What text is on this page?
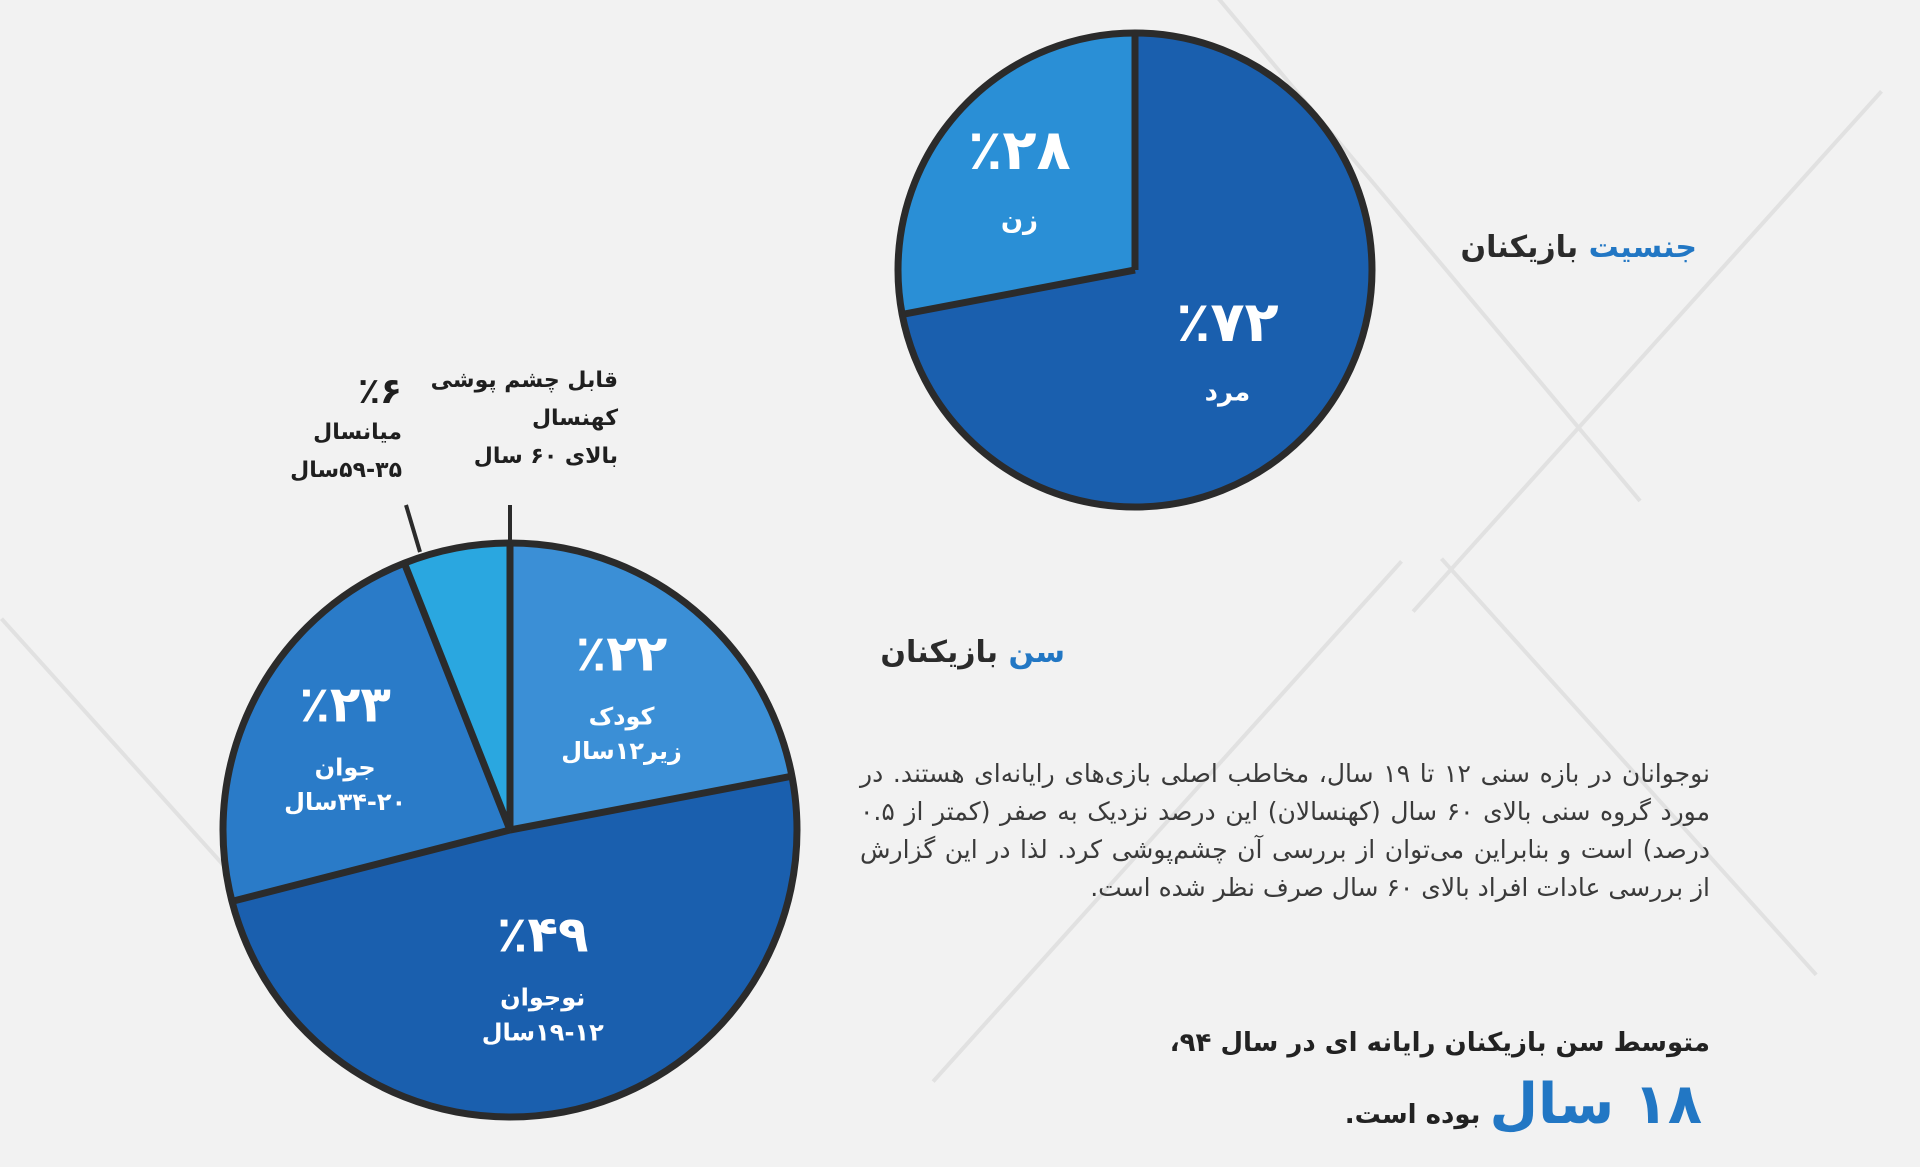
٪۷۲
مرد
٪۲۸
زن
جنسیت بازیکنان
٪۲۲
کودک
زیر۱۲سال
٪۴۹
نوجوان
۱۹-۱۲سال
٪۲۳
جوان
۳۴-۲۰سال
٪۶
میانسال
۵۹-۳۵سال
قابل چشم پوشی
کهنسال
بالای ۶۰ سال
سن بازیکنان
نوجوانان در بازه سنی ۱۲ تا ۱۹ سال، مخاطب اصلی بازی‌های رایانه‌ای هستند. در مورد گروه سنی بالای ۶۰ سال (کهنسالان) این درصد نزدیک به صفر (کمتر از ۰.۵ درصد) است و بنابراین می‌توان از بررسی آن چشم‌پوشی کرد. لذا در این گزارش از بررسی عادات افراد بالای ۶۰ سال صرف نظر شده است.
متوسط سن بازیکنان رایانه ای در سال ۹۴،
۱۸ سال بوده است.
